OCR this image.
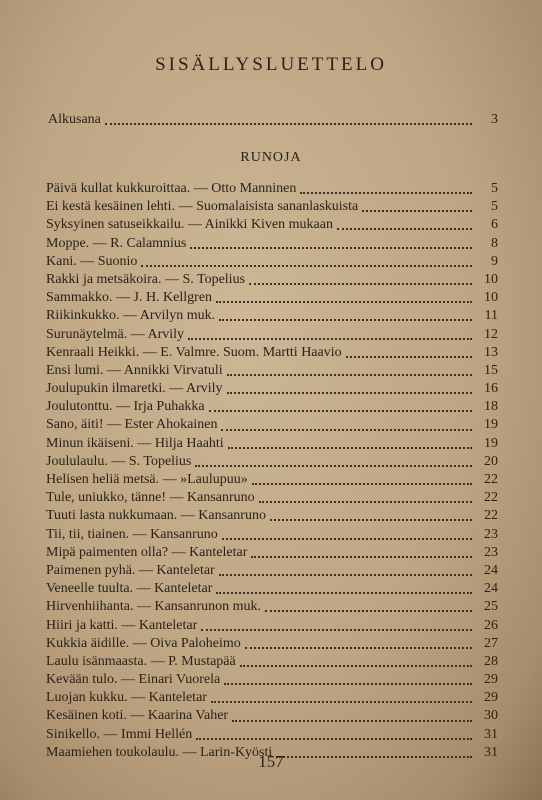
SISÄLLYSLUETTELO
Alkusana	3
RUNOJA
Päivä kullat kukkuroittaa. — Otto Manninen	5
Ei kestä kesäinen lehti. — Suomalaisista sananlaskuista	5
Syksyinen satuseikkailu. — Ainikki Kiven mukaan	6
Moppe. — R. Calamnius	8
Kani. — Suonio	9
Rakki ja metsäkoira. — S. Topelius	10
Sammakko. — J. H. Kellgren	10
Riikinkukko. — Arvilyn muk.	11
Surunäytelmä. — Arvily	12
Kenraali Heikki. — E. Valmre. Suom. Martti Haavio	13
Ensi lumi. — Annikki Virvatuli	15
Joulupukin ilmaretki. — Arvily	16
Joulutonttu. — Irja Puhakka	18
Sano, äiti! — Ester Ahokainen	19
Minun ikäiseni. — Hilja Haahti	19
Joululaulu. — S. Topelius	20
Helisen heliä metsä. — »Laulupuu»	22
Tule, uniukko, tänne! — Kansanruno	22
Tuuti lasta nukkumaan. — Kansanruno	22
Tii, tii, tiainen. — Kansanruno	23
Mipä paimenten olla? — Kanteletar	23
Paimenen pyhä. — Kanteletar	24
Veneelle tuulta. — Kanteletar	24
Hirvenhiihanta. — Kansanrunon muk.	25
Hiiri ja katti. — Kanteletar	26
Kukkia äidille. — Oiva Paloheimo	27
Laulu isänmaasta. — P. Mustapää	28
Kevään tulo. — Einari Vuorela	29
Luojan kukku. — Kanteletar	29
Kesäinen koti. — Kaarina Vaher	30
Sinikello. — Immi Hellén	31
Maamiehen toukolaulu. — Larin-Kyösti	31
157
